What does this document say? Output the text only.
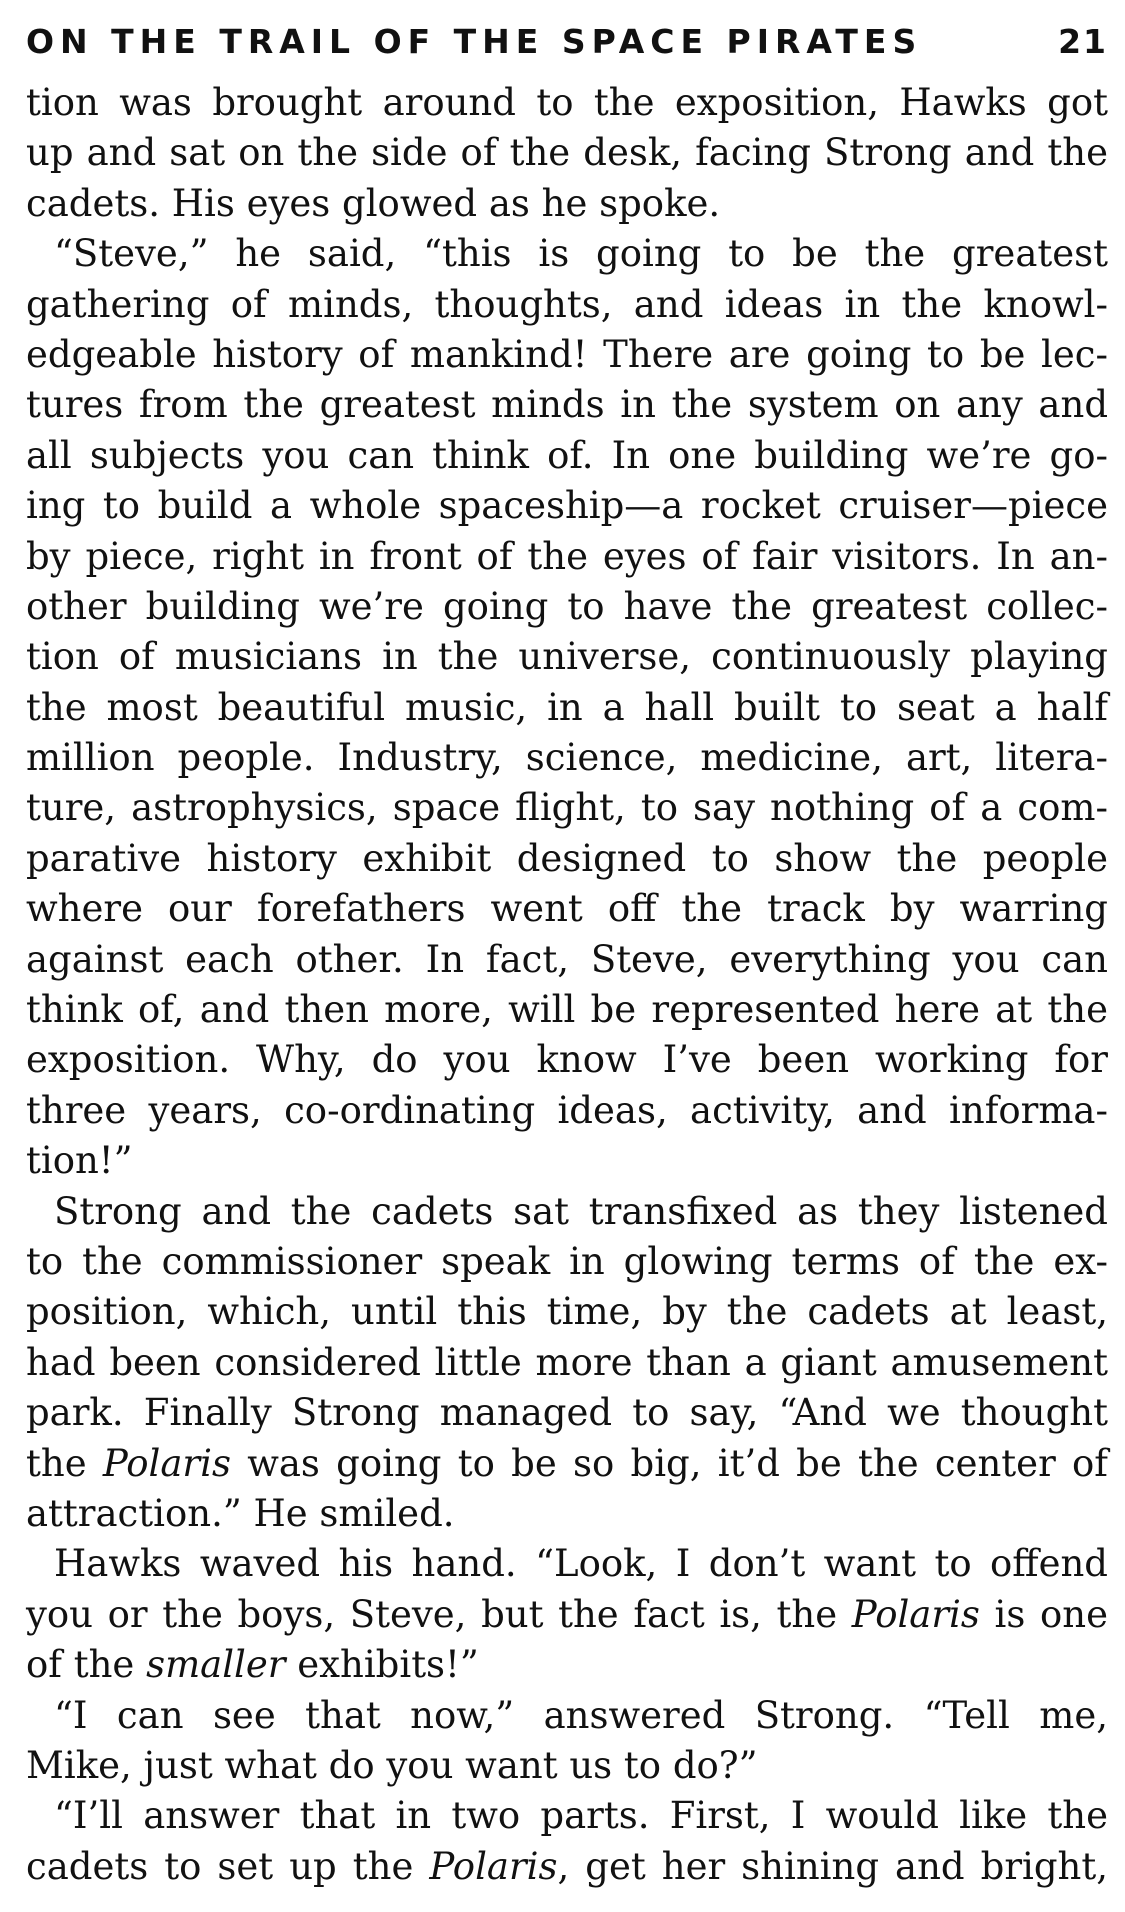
ON THE TRAIL OF THE SPACE PIRATES	21
tion was brought around to the exposition, Hawks got
up and sat on the side of the desk, facing Strong and the
cadets. His eyes glowed as he spoke.
“Steve,” he said, “this is going to be the greatest
gathering of minds, thoughts, and ideas in the knowl-
edgeable history of mankind! There are going to be lec-
tures from the greatest minds in the system on any and
all subjects you can think of. In one building we’re go-
ing to build a whole spaceship—a rocket cruiser—piece
by piece, right in front of the eyes of fair visitors. In an-
other building we’re going to have the greatest collec-
tion of musicians in the universe, continuously playing
the most beautiful music, in a hall built to seat a half
million people. Industry, science, medicine, art, litera-
ture, astrophysics, space flight, to say nothing of a com-
parative history exhibit designed to show the people
where our forefathers went off the track by warring
against each other. In fact, Steve, everything you can
think of, and then more, will be represented here at the
exposition. Why, do you know I’ve been working for
three years, co-ordinating ideas, activity, and informa-
tion!”
Strong and the cadets sat transfixed as they listened
to the commissioner speak in glowing terms of the ex-
position, which, until this time, by the cadets at least,
had been considered little more than a giant amusement
park. Finally Strong managed to say, “And we thought
the Polaris was going to be so big, it’d be the center of
attraction.” He smiled.
Hawks waved his hand. “Look, I don’t want to offend
you or the boys, Steve, but the fact is, the Polaris is one
of the smaller exhibits!”
“I can see that now,” answered Strong. “Tell me,
Mike, just what do you want us to do?”
“I’ll answer that in two parts. First, I would like the
cadets to set up the Polaris, get her shining and bright,
